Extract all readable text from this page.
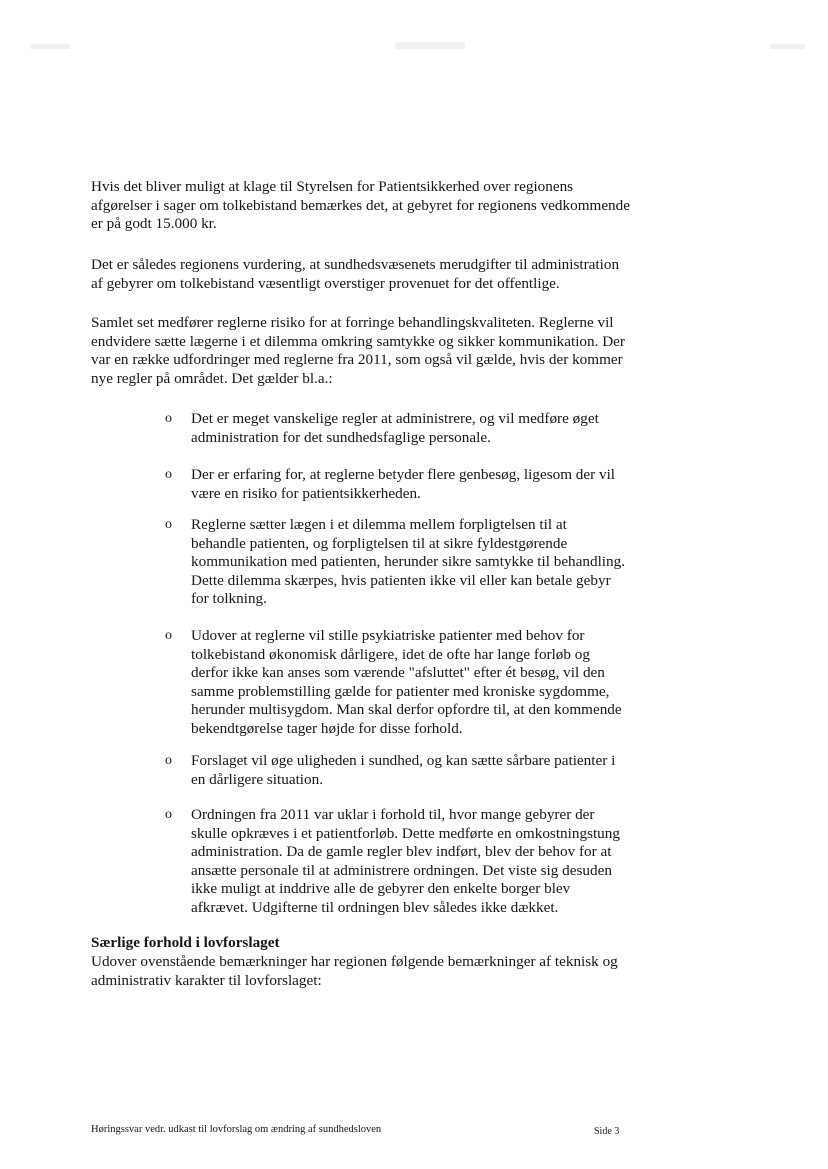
Hvis det bliver muligt at klage til Styrelsen for Patientsikkerhed over regionens afgørelser i sager om tolkebistand bemærkes det, at gebyret for regionens vedkommende er på godt 15.000 kr.

Det er således regionens vurdering, at sundhedsvæsenets merudgifter til administration af gebyrer om tolkebistand væsentligt overstiger provenuet for det offentlige.

Samlet set medfører reglerne risiko for at forringe behandlingskvaliteten. Reglerne vil endvidere sætte lægerne i et dilemma omkring samtykke og sikker kommunikation. Der var en række udfordringer med reglerne fra 2011, som også vil gælde, hvis der kommer nye regler på området. Det gælder bl.a.:

o Det er meget vanskelige regler at administrere, og vil medføre øget administration for det sundhedsfaglige personale.
o Der er erfaring for, at reglerne betyder flere genbesøg, ligesom der vil være en risiko for patientsikkerheden.
o Reglerne sætter lægen i et dilemma mellem forpligtelsen til at behandle patienten, og forpligtelsen til at sikre fyldestgørende kommunikation med patienten, herunder sikre samtykke til behandling. Dette dilemma skærpes, hvis patienten ikke vil eller kan betale gebyr for tolkning.
o Udover at reglerne vil stille psykiatriske patienter med behov for tolkebistand økonomisk dårligere, idet de ofte har lange forløb og derfor ikke kan anses som værende "afsluttet" efter ét besøg, vil den samme problemstilling gælde for patienter med kroniske sygdomme, herunder multisygdom. Man skal derfor opfordre til, at den kommende bekendtgørelse tager højde for disse forhold.
o Forslaget vil øge uligheden i sundhed, og kan sætte sårbare patienter i en dårligere situation.
o Ordningen fra 2011 var uklar i forhold til, hvor mange gebyrer der skulle opkræves i et patientforløb. Dette medførte en omkostningstung administration. Da de gamle regler blev indført, blev der behov for at ansætte personale til at administrere ordningen. Det viste sig desuden ikke muligt at inddrive alle de gebyrer den enkelte borger blev afkrævet. Udgifterne til ordningen blev således ikke dækket.
Særlige forhold i lovforslaget

Udover ovenstående bemærkninger har regionen følgende bemærkninger af teknisk og administrativ karakter til lovforslaget:

Høringssvar vedr. udkast til lovforslag om ændring af sundhedsloven	Side 3
